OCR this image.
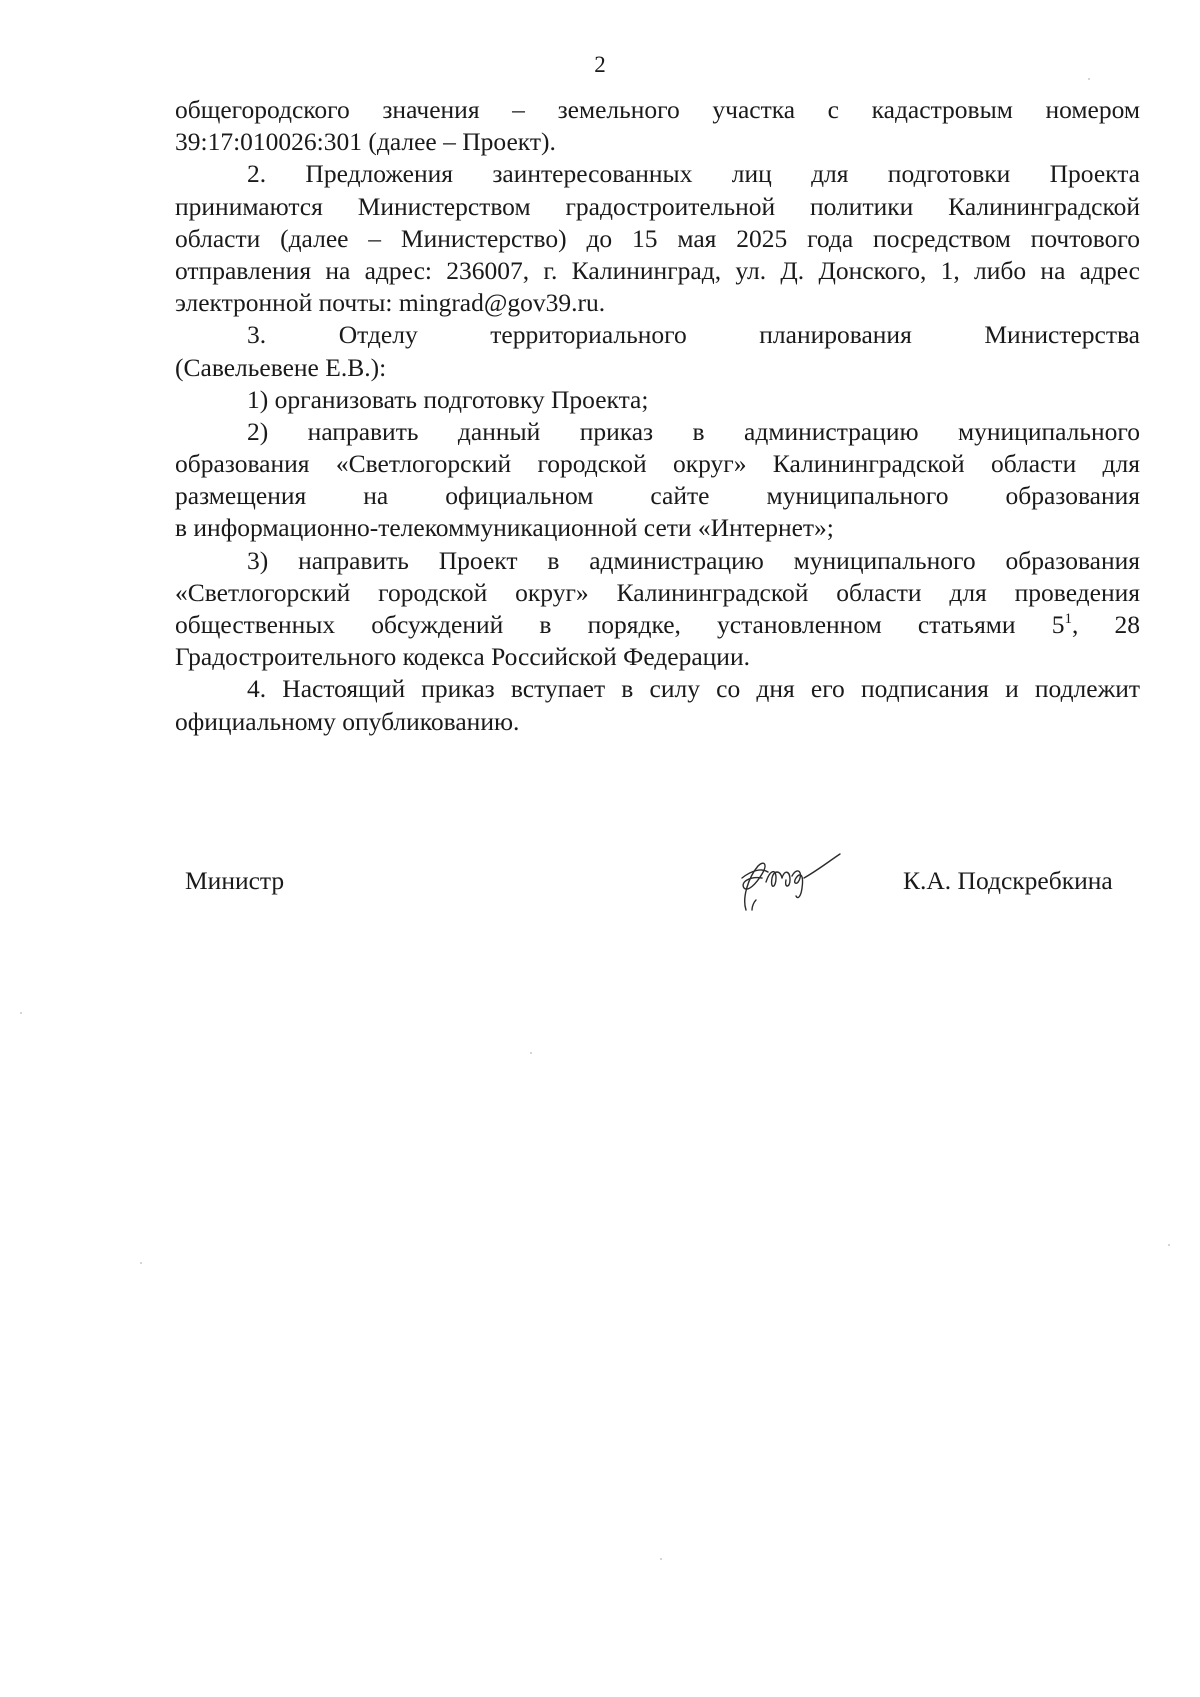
2
общегородского значения – земельного участка с кадастровым номером
39:17:010026:301 (далее – Проект).
2. Предложения заинтересованных лиц для подготовки Проекта
принимаются Министерством градостроительной политики Калининградской
области (далее – Министерство) до 15 мая 2025 года посредством почтового
отправления на адрес: 236007, г. Калининград, ул. Д. Донского, 1, либо на адрес
электронной почты: mingrad@gov39.ru.
3. Отделу территориального планирования Министерства
(Савельевене Е.В.):
1) организовать подготовку Проекта;
2) направить данный приказ в администрацию муниципального
образования «Светлогорский городской округ» Калининградской области для
размещения на официальном сайте муниципального образования
в информационно-телекоммуникационной сети «Интернет»;
3) направить Проект в администрацию муниципального образования
«Светлогорский городской округ» Калининградской области для проведения
общественных обсуждений в порядке, установленном статьями $5^1$, 28
Градостроительного кодекса Российской Федерации.
4. Настоящий приказ вступает в силу со дня его подписания и подлежит
официальному опубликованию.
Министр	К.А. Подскребкина
